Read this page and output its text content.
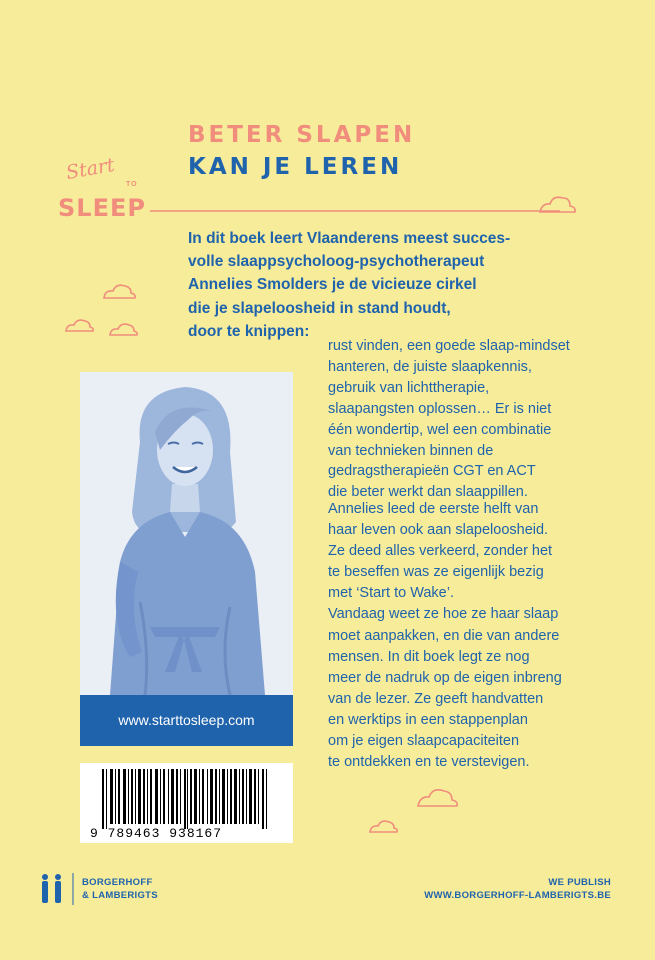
Start
TO
SLEEP
BETER SLAPEN
KAN JE LEREN
In dit boek leert Vlaanderens meest succes-
volle slaappsycholoog-psychotherapeut
Annelies Smolders je de vicieuze cirkel
die je slapeloosheid in stand houdt,
door te knippen:
rust vinden, een goede slaap-mindset
hanteren, de juiste slaapkennis,
gebruik van lichttherapie,
slaapangsten oplossen… Er is niet
één wondertip, wel een combinatie
van technieken binnen de
gedragstherapieën CGT en ACT
die beter werkt dan slaappillen.
Annelies leed de eerste helft van
haar leven ook aan slapeloosheid.
Ze deed alles verkeerd, zonder het
te beseffen was ze eigenlijk bezig
met ‘Start to Wake’.
Vandaag weet ze hoe ze haar slaap
moet aanpakken, en die van andere
mensen. In dit boek legt ze nog
meer de nadruk op de eigen inbreng
van de lezer. Ze geeft handvatten
en werktips in een stappenplan
om je eigen slaapcapaciteiten
te ontdekken en te verstevigen.
www.starttosleep.com
9 789463 938167
BORGERHOFF
& LAMBERIGTS
WE PUBLISH
WWW.BORGERHOFF-LAMBERIGTS.BE
